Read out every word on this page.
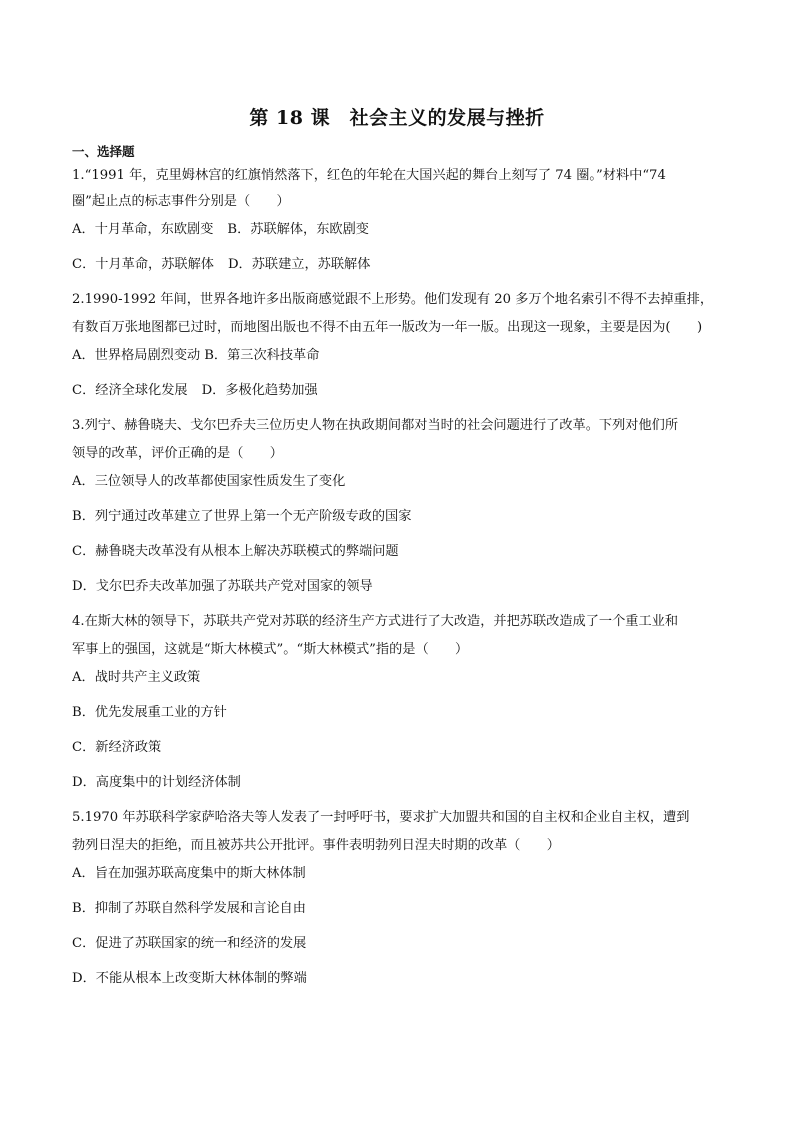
第 18 课　社会主义的发展与挫折
一、选择题
1.“1991 年，克里姆林宫的红旗悄然落下，红色的年轮在大国兴起的舞台上刻写了 74 圈。”材料中“74
圈”起止点的标志事件分别是（　　）
A．十月革命，东欧剧变 B．苏联解体，东欧剧变
C．十月革命，苏联解体 D．苏联建立，苏联解体
2.1990-1992 年间，世界各地许多出版商感觉跟不上形势。他们发现有 20 多万个地名索引不得不去掉重排，
有数百万张地图都已过时，而地图出版也不得不由五年一版改为一年一版。出现这一现象，主要是因为(　　)
A．世界格局剧烈变动 B．第三次科技革命
C．经济全球化发展 D．多极化趋势加强
3.列宁、赫鲁晓夫、戈尔巴乔夫三位历史人物在执政期间都对当时的社会问题进行了改革。下列对他们所
领导的改革，评价正确的是（　　）
A．三位领导人的改革都使国家性质发生了变化
B．列宁通过改革建立了世界上第一个无产阶级专政的国家
C．赫鲁晓夫改革没有从根本上解决苏联模式的弊端问题
D．戈尔巴乔夫改革加强了苏联共产党对国家的领导
4.在斯大林的领导下，苏联共产党对苏联的经济生产方式进行了大改造，并把苏联改造成了一个重工业和
军事上的强国，这就是“斯大林模式”。“斯大林模式”指的是（　　）
A．战时共产主义政策
B．优先发展重工业的方针
C．新经济政策
D．高度集中的计划经济体制
5.1970 年苏联科学家萨哈洛夫等人发表了一封呼吁书，要求扩大加盟共和国的自主权和企业自主权，遭到
勃列日涅夫的拒绝，而且被苏共公开批评。事件表明勃列日涅夫时期的改革（　　）
A．旨在加强苏联高度集中的斯大林体制
B．抑制了苏联自然科学发展和言论自由
C．促进了苏联国家的统一和经济的发展
D．不能从根本上改变斯大林体制的弊端
